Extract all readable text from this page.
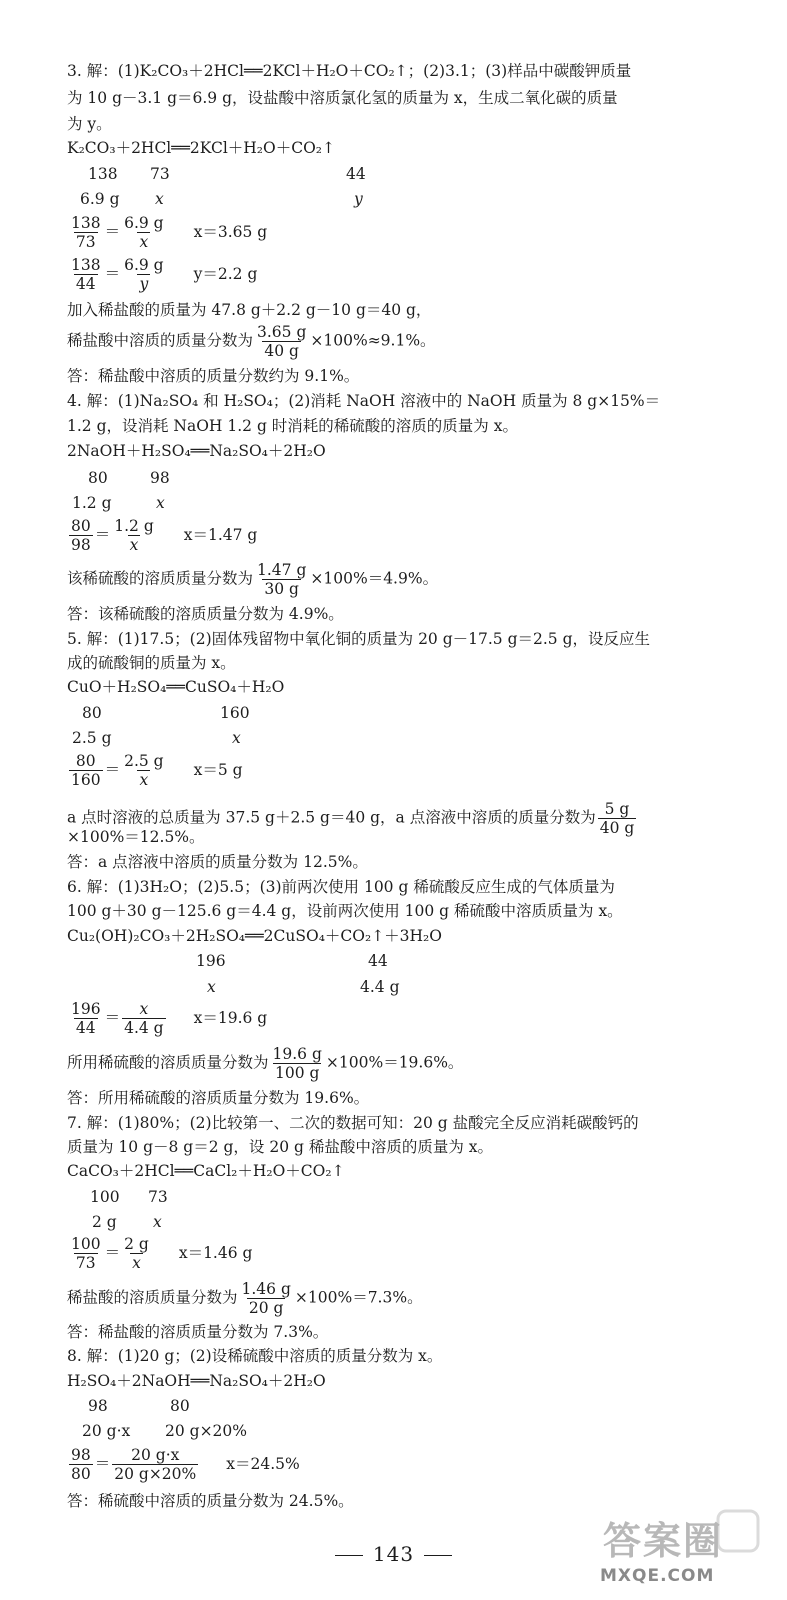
3. 解：(1)K₂CO₃＋2HCl══2KCl＋H₂O＋CO₂↑；(2)3.1；(3)样品中碳酸钾质量
为 10 g－3.1 g＝6.9 g，设盐酸中溶质氯化氢的质量为 x，生成二氧化碳的质量
为 y。
K₂CO₃＋2HCl══2KCl＋H₂O＋CO₂↑
138 73	44
6.9 g x	y
$\frac{138}{73} = \frac{6.9 g}{x} x=3.65$ g
$\frac{138}{44} = \frac{6.9 g}{y} y=2.2$ g
加入稀盐酸的质量为 47.8 g＋2.2 g－10 g＝40 g，
稀盐酸中溶质的质量分数为 $\frac{3.65 g}{40 g} \times 100\%\approx 9.1\%$。
答：稀盐酸中溶质的质量分数约为 9.1%。
4. 解：(1)Na₂SO₄ 和 H₂SO₄；(2)消耗 NaOH 溶液中的 NaOH 质量为 8 g×15%＝
1.2 g，设消耗 NaOH 1.2 g 时消耗的稀硫酸的溶质的质量为 x。
2NaOH＋H₂SO₄══Na₂SO₄＋2H₂O
80	98
1.2 g	x
$\frac{80}{98} = \frac{1.2 g}{x} x=1.47$ g
该稀硫酸的溶质质量分数为 $\frac{1.47 g}{30 g} \times 100\%=4.9\%$。
答：该稀硫酸的溶质质量分数为 4.9%。
5. 解：(1)17.5；(2)固体残留物中氧化铜的质量为 20 g－17.5 g＝2.5 g，设反应生
成的硫酸铜的质量为 x。
CuO＋H₂SO₄══CuSO₄＋H₂O
80	160
2.5 g	x
$\frac{80}{160} = \frac{2.5 g}{x} x=5$ g
a 点时溶液的总质量为 37.5 g＋2.5 g＝40 g，a 点溶液中溶质的质量分数为 $\frac{5 g}{40 g}$
×100%＝12.5%。
答：a 点溶液中溶质的质量分数为 12.5%。
6. 解：(1)3H₂O；(2)5.5；(3)前两次使用 100 g 稀硫酸反应生成的气体质量为
100 g＋30 g－125.6 g＝4.4 g，设前两次使用 100 g 稀硫酸中溶质质量为 x。
Cu₂(OH)₂CO₃＋2H₂SO₄══2CuSO₄＋CO₂↑＋3H₂O
196	44
x	4.4 g
$\frac{196}{44} = \frac{x}{4.4 g} x=19.6$ g
所用稀硫酸的溶质质量分数为 $\frac{19.6 g}{100 g} \times 100\%=19.6\%$。
答：所用稀硫酸的溶质质量分数为 19.6%。
7. 解：(1)80%；(2)比较第一、二次的数据可知：20 g 盐酸完全反应消耗碳酸钙的
质量为 10 g－8 g＝2 g，设 20 g 稀盐酸中溶质的质量为 x。
CaCO₃＋2HCl══CaCl₂＋H₂O＋CO₂↑
100 73
2 g x
$\frac{100}{73} = \frac{2 g}{x} x=1.46$ g
稀盐酸的溶质质量分数为 $\frac{1.46 g}{20 g} \times 100\%=7.3\%$。
答：稀盐酸的溶质质量分数为 7.3%。
8. 解：(1)20 g；(2)设稀硫酸中溶质的质量分数为 x。
H₂SO₄＋2NaOH══Na₂SO₄＋2H₂O
98	80
20 g·x 20 g×20%
$\frac{98}{80} = \frac{20 g\cdot x}{20 g\times 20\%} x=24.5\%$
答：稀硫酸中溶质的质量分数为 24.5%。
143	答案圈
MXQE.COM
